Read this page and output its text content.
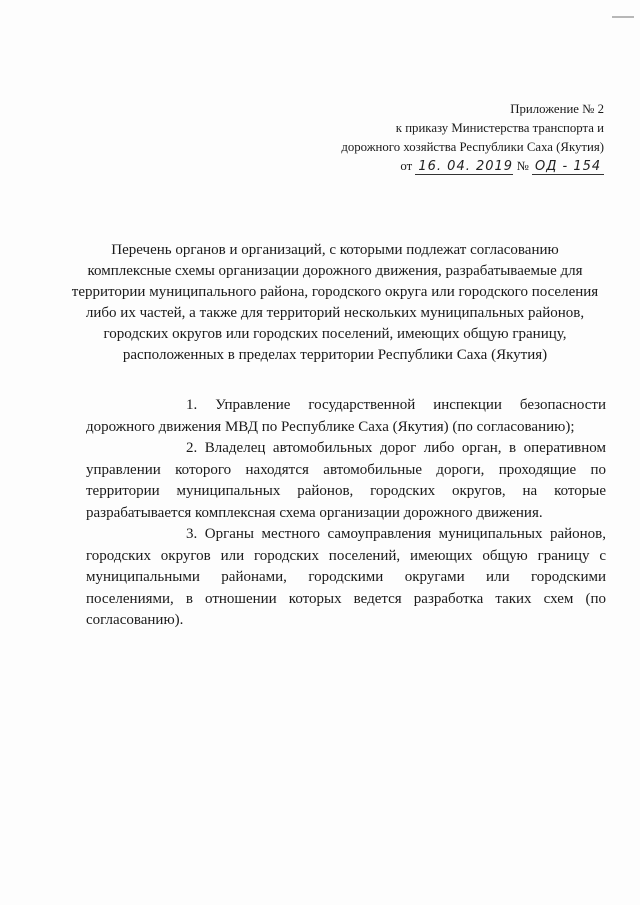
Приложение № 2
к приказу Министерства транспорта и
дорожного хозяйства Республики Саха (Якутия)
от 16. 04. 2019 № ОД - 154
Перечень органов и организаций, с которыми подлежат согласованию комплексные схемы организации дорожного движения, разрабатываемые для территории муниципального района, городского округа или городского поселения либо их частей, а также для территорий нескольких муниципальных районов, городских округов или городских поселений, имеющих общую границу, расположенных в пределах территории Республики Саха (Якутия)

1. Управление государственной инспекции безопасности дорожного движения МВД по Республике Саха (Якутия) (по согласованию);

2. Владелец автомобильных дорог либо орган, в оперативном управлении которого находятся автомобильные дороги, проходящие по территории муниципальных районов, городских округов, на которые разрабатывается комплексная схема организации дорожного движения.

3. Органы местного самоуправления муниципальных районов, городских округов или городских поселений, имеющих общую границу с муниципальными районами, городскими округами или городскими поселениями, в отношении которых ведется разработка таких схем (по согласованию).
